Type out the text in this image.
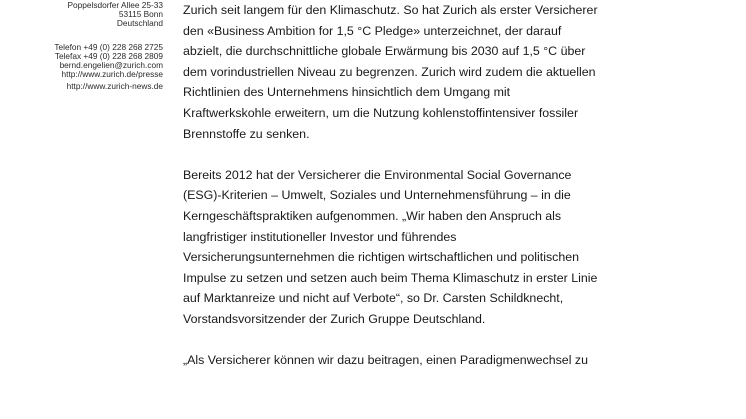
Poppelsdorfer Allee 25-33
53115 Bonn
Deutschland
Telefon +49 (0) 228 268 2725
Telefax +49 (0) 228 268 2809
bernd.engelien@zurich.com
http://www.zurich.de/presse
http://www.zurich-news.de
Zurich seit langem für den Klimaschutz. So hat Zurich als erster Versicherer
den «Business Ambition for 1,5 °C Pledge» unterzeichnet, der darauf
abzielt, die durchschnittliche globale Erwärmung bis 2030 auf 1,5 °C über
dem vorindustriellen Niveau zu begrenzen. Zurich wird zudem die aktuellen
Richtlinien des Unternehmens hinsichtlich dem Umgang mit
Kraftwerkskohle erweitern, um die Nutzung kohlenstoffintensiver fossiler
Brennstoffe zu senken.
Bereits 2012 hat der Versicherer die Environmental Social Governance
(ESG)-Kriterien – Umwelt, Soziales und Unternehmensführung – in die
Kerngeschäftspraktiken aufgenommen. „Wir haben den Anspruch als
langfristiger institutioneller Investor und führendes
Versicherungsunternehmen die richtigen wirtschaftlichen und politischen
Impulse zu setzen und setzen auch beim Thema Klimaschutz in erster Linie
auf Marktanreize und nicht auf Verbote“, so Dr. Carsten Schildknecht,
Vorstandsvorsitzender der Zurich Gruppe Deutschland.
„Als Versicherer können wir dazu beitragen, einen Paradigmenwechsel zu
